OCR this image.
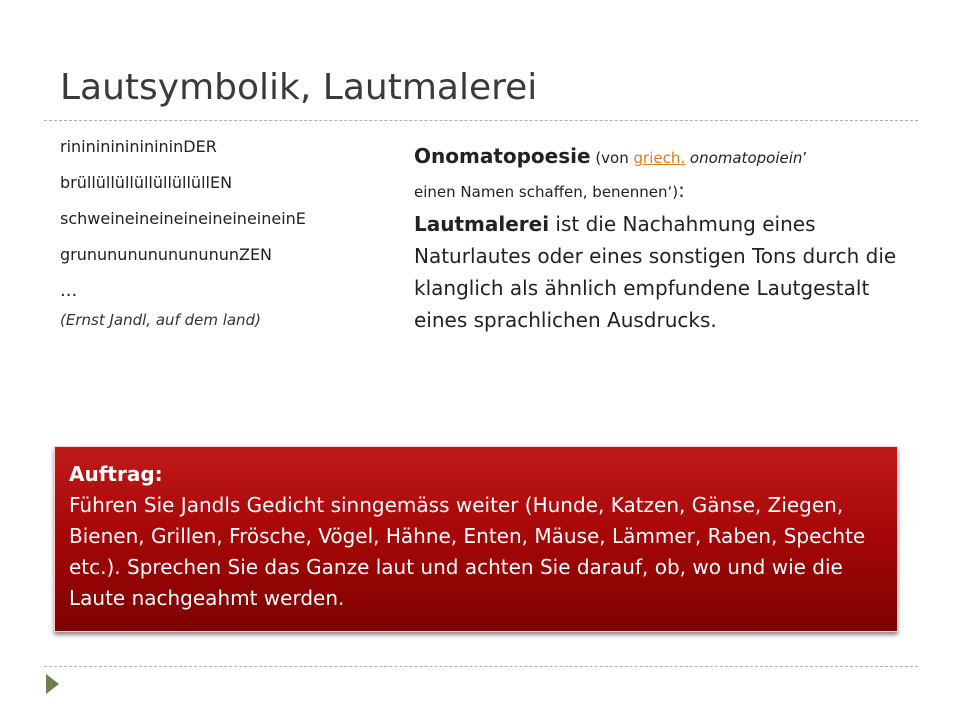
Lautsymbolik, Lautmalerei
rininininininininDER
brüllüllüllüllüllüllüllEN
schweineineineineineineineinE
grununununununununZEN
...
(Ernst Jandl, auf dem land)
Onomatopoesie (von griech. onomatopoiein’
einen Namen schaffen, benennen‘):
Lautmalerei ist die Nachahmung eines Naturlautes oder eines sonstigen Tons durch die klanglich als ähnlich empfundene Lautgestalt eines sprachlichen Ausdrucks.
Auftrag:
Führen Sie Jandls Gedicht sinngemäss weiter (Hunde, Katzen, Gänse, Ziegen, Bienen, Grillen, Frösche, Vögel, Hähne, Enten, Mäuse, Lämmer, Raben, Spechte etc.). Sprechen Sie das Ganze laut und achten Sie darauf, ob, wo und wie die Laute nachgeahmt werden.
